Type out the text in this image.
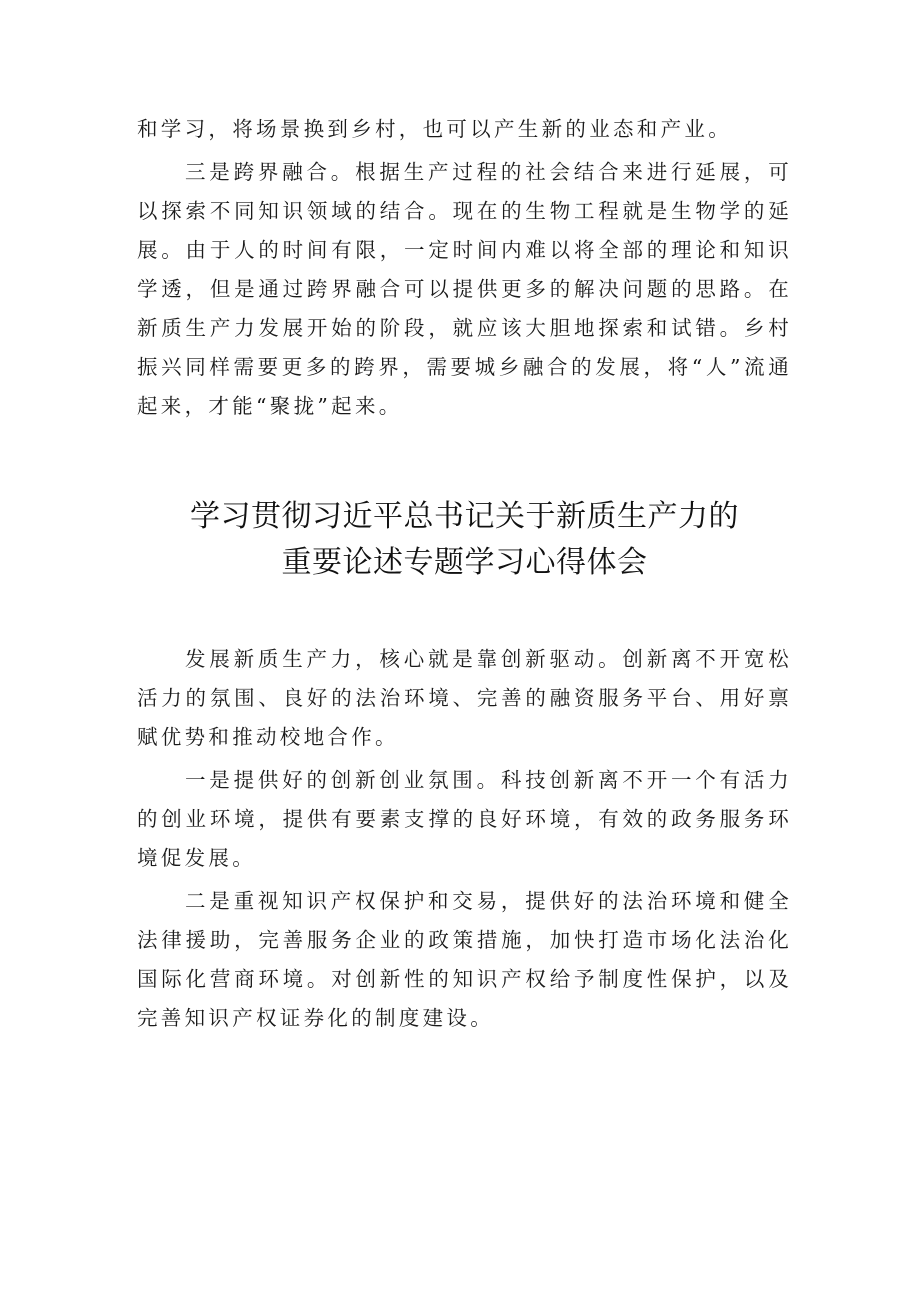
和学习，将场景换到乡村，也可以产生新的业态和产业。

三是跨界融合。根据生产过程的社会结合来进行延展，可以探索不同知识领域的结合。现在的生物工程就是生物学的延展。由于人的时间有限，一定时间内难以将全部的理论和知识学透，但是通过跨界融合可以提供更多的解决问题的思路。在新质生产力发展开始的阶段，就应该大胆地探索和试错。乡村振兴同样需要更多的跨界，需要城乡融合的发展，将“人”流通起来，才能“聚拢”起来。

学习贯彻习近平总书记关于新质生产力的
重要论述专题学习心得体会

发展新质生产力，核心就是靠创新驱动。创新离不开宽松活力的氛围、良好的法治环境、完善的融资服务平台、用好禀赋优势和推动校地合作。

一是提供好的创新创业氛围。科技创新离不开一个有活力的创业环境，提供有要素支撑的良好环境，有效的政务服务环境促发展。

二是重视知识产权保护和交易，提供好的法治环境和健全法律援助，完善服务企业的政策措施，加快打造市场化法治化国际化营商环境。对创新性的知识产权给予制度性保护，以及完善知识产权证券化的制度建设。
